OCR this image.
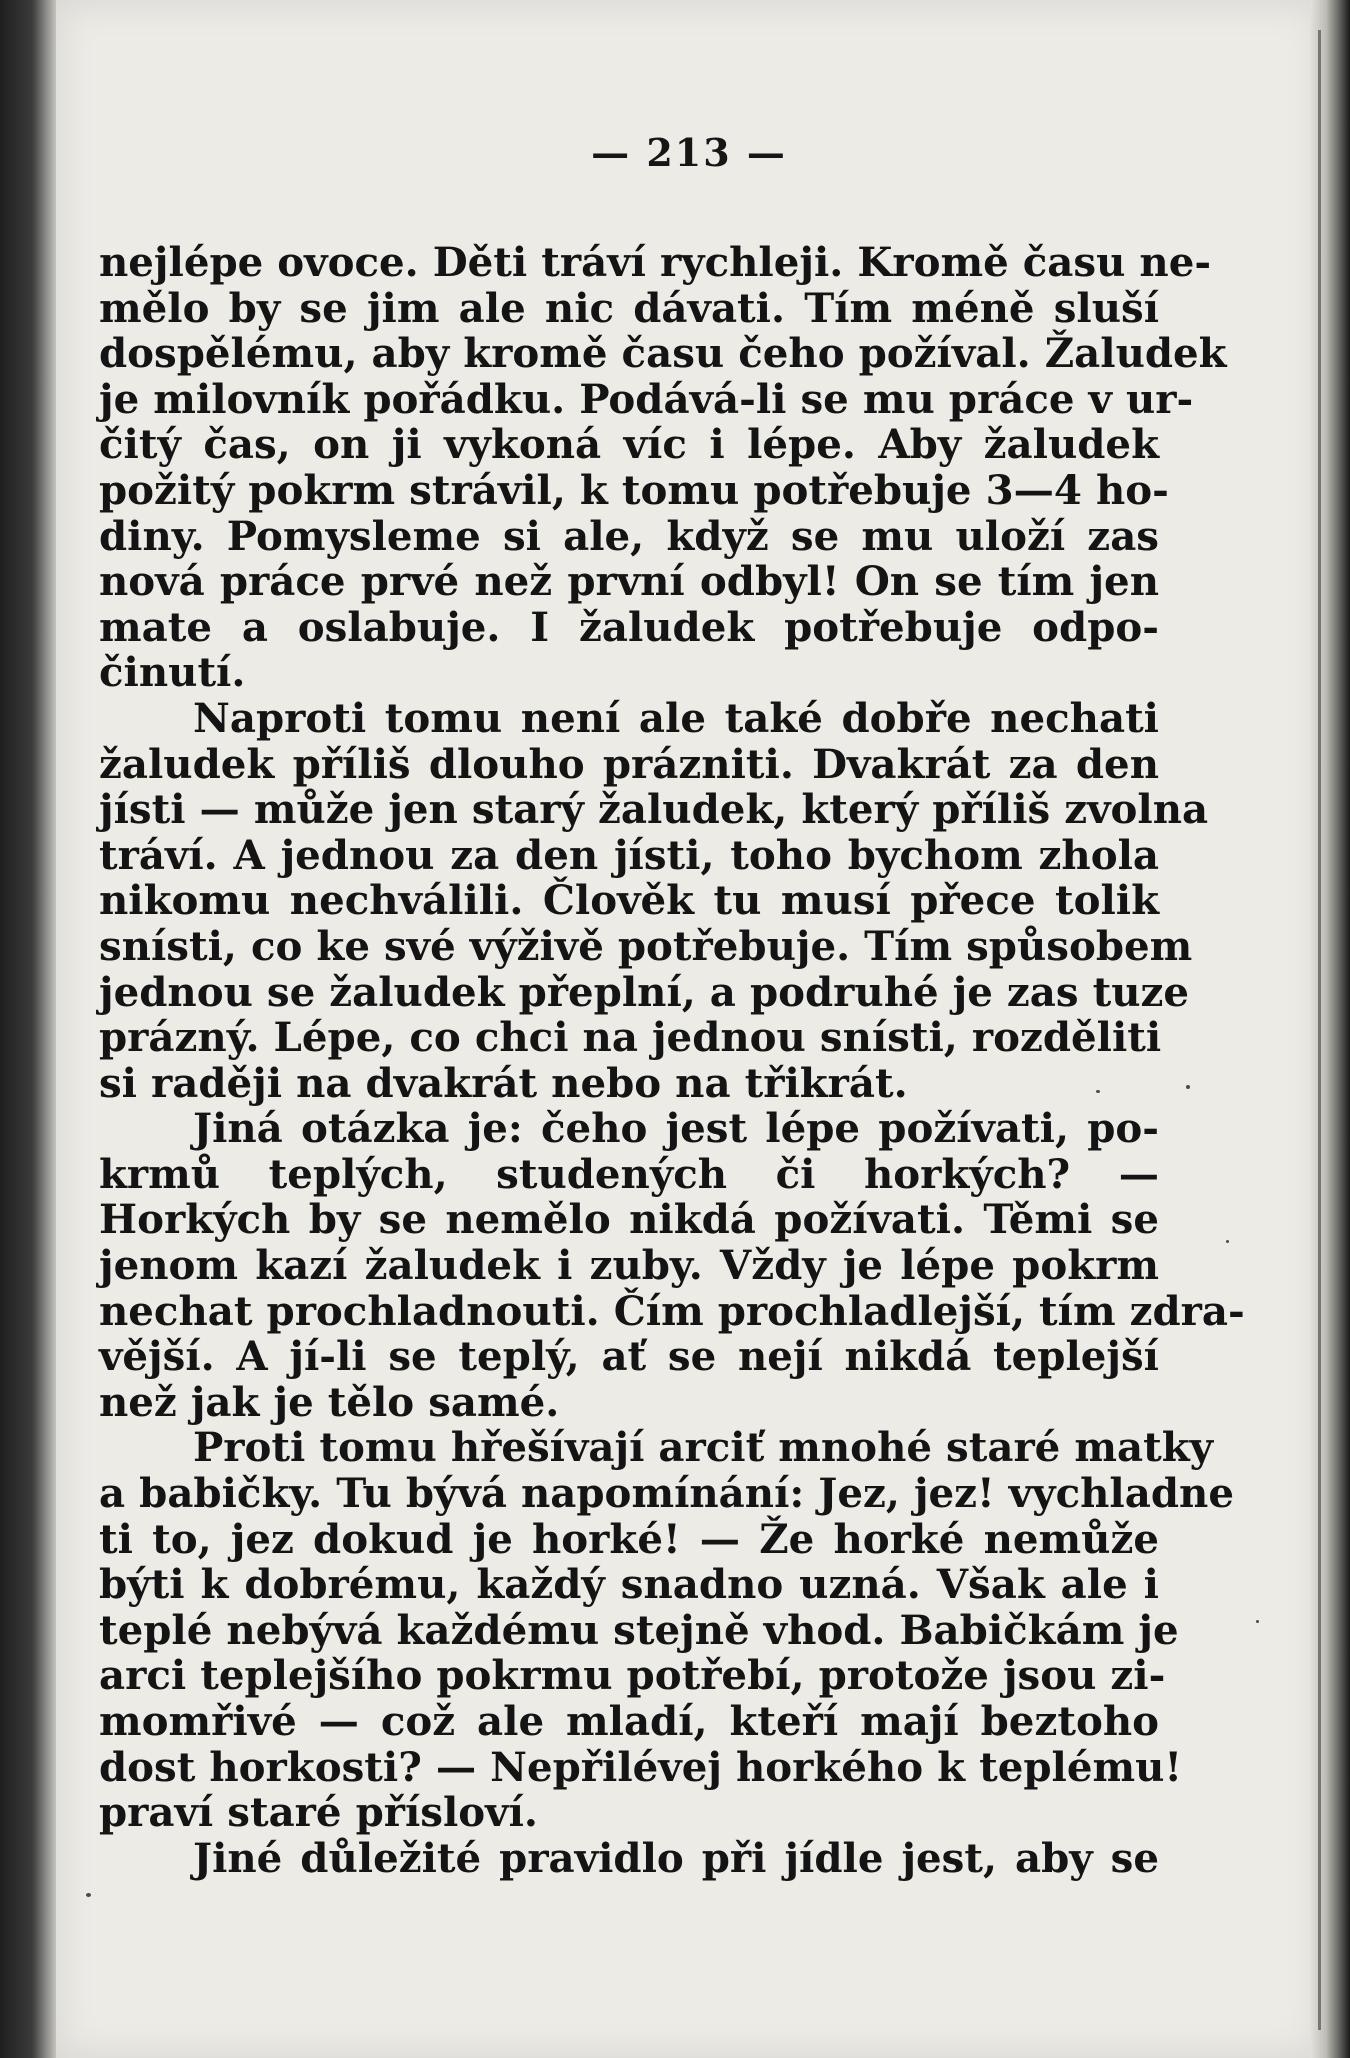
— 213 —
nejlépe ovoce. Děti tráví rychleji. Kromě času ne-
mělo by se jim ale nic dávati. Tím méně sluší
dospělému, aby kromě času čeho požíval. Žaludek
je milovník pořádku. Podává-li se mu práce v ur-
čitý čas, on ji vykoná víc i lépe. Aby žaludek
požitý pokrm strávil, k tomu potřebuje 3—4 ho-
diny. Pomysleme si ale, když se mu uloží zas
nová práce prvé než první odbyl! On se tím jen
mate a oslabuje. I žaludek potřebuje odpo-
činutí.
Naproti tomu není ale také dobře nechati
žaludek příliš dlouho prázniti. Dvakrát za den
jísti — může jen starý žaludek, který příliš zvolna
tráví. A jednou za den jísti, toho bychom zhola
nikomu nechválili. Člověk tu musí přece tolik
snísti, co ke své výživě potřebuje. Tím spůsobem
jednou se žaludek přeplní, a podruhé je zas tuze
prázný. Lépe, co chci na jednou snísti, rozděliti
si raději na dvakrát nebo na třikrát.
Jiná otázka je: čeho jest lépe požívati, po-
krmů teplých, studených či horkých? —
Horkých by se nemělo nikdá požívati. Těmi se
jenom kazí žaludek i zuby. Vždy je lépe pokrm
nechat prochladnouti. Čím prochladlejší, tím zdra-
vější. A jí-li se teplý, ať se nejí nikdá teplejší
než jak je tělo samé.
Proti tomu hřešívají arciť mnohé staré matky
a babičky. Tu bývá napomínání: Jez, jez! vychladne
ti to, jez dokud je horké! — Že horké nemůže
býti k dobrému, každý snadno uzná. Však ale i
teplé nebývá každému stejně vhod. Babičkám je
arci teplejšího pokrmu potřebí, protože jsou zi-
momřivé — což ale mladí, kteří mají beztoho
dost horkosti? — Nepřilévej horkého k teplému!
praví staré přísloví.
Jiné důležité pravidlo při jídle jest, aby se
